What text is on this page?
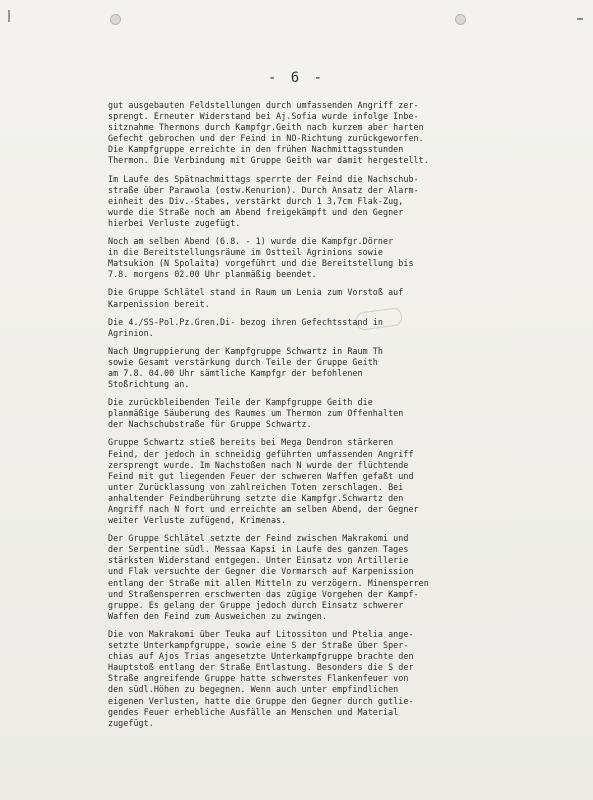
- 6 -

gut ausgebauten Feldstellungen durch umfassenden Angriff zer-
sprengt. Erneuter Widerstand bei Aj.Sofia wurde infolge Inbe-
sitznahme Thermons durch Kampfgr.Geith nach kurzem aber harten
Gefecht gebrochen und der Feind in NO-Richtung zurückgeworfen.
Die Kampfgruppe erreichte in den frühen Nachmittagsstunden
Thermon. Die Verbindung mit Gruppe Geith war damit hergestellt.

Im Laufe des Spätnachmittags sperrte der Feind die Nachschub-
straße über Parawola (ostw.Kenurion). Durch Ansatz der Alarm-
einheit des Div.-Stabes, verstärkt durch 1 3,7cm Flak-Zug,
wurde die Straße noch am Abend freigekämpft und den Gegner
hierbei Verluste zugefügt.

Noch am selben Abend (6.8. - 1) wurde die Kampfgr.Dörner
in die Bereitstellungsräume im Ostteil Agrinions sowie
Matsukion (N Spolaita) vorgeführt und die Bereitstellung bis
7.8. morgens 02.00 Uhr planmäßig beendet.

Die Gruppe Schlätel stand in Raum um Lenia zum Vorstoß auf
Karpenission bereit.

Die 4./SS-Pol.Pz.Gren.Di- bezog ihren Gefechtsstand in
Agrinion.

Nach Umgruppierung der Kampfgruppe Schwartz in Raum Th
sowie Gesamt verstärkung durch Teile der Gruppe Geith
am 7.8. 04.00 Uhr sämtliche Kampfgr der befohlenen
Stoßrichtung an.

Die zurückbleibenden Teile der Kampfgruppe Geith die
planmäßige Säuberung des Raumes um Thermon zum Offenhalten
der Nachschubstraße für Gruppe Schwartz.

Gruppe Schwartz stieß bereits bei Mega Dendron stärkeren
Feind, der jedoch in schneidig geführten umfassenden Angriff
zersprengt wurde. Im Nachstoßen nach N wurde der flüchtende
Feind mit gut liegenden Feuer der schweren Waffen gefaßt und
unter Zurücklassung von zahlreichen Toten zerschlagen. Bei
anhaltender Feindberührung setzte die Kampfgr.Schwartz den
Angriff nach N fort und erreichte am selben Abend, der Gegner
weiter Verluste zufügend, Krimenas.

Der Gruppe Schlätel setzte der Feind zwischen Makrakomi und
der Serpentine südl. Messaa Kapsi in Laufe des ganzen Tages
stärksten Widerstand entgegen. Unter Einsatz von Artillerie
und Flak versuchte der Gegner die Vormarsch auf Karpenission
entlang der Straße mit allen Mitteln zu verzögern. Minensperren
und Straßensperren erschwerten das zügige Vorgehen der Kampf-
gruppe. Es gelang der Gruppe jedoch durch Einsatz schwerer
Waffen den Feind zum Ausweichen zu zwingen.

Die von Makrakomi über Teuka auf Litossiton und Ptelia ange-
setzte Unterkampfgruppe, sowie eine S der Straße über Sper-
chias auf Ajos Trias angesetzte Unterkampfgruppe brachte den
Hauptstoß entlang der Straße Entlastung. Besonders die S der
Straße angreifende Gruppe hatte schwerstes Flankenfeuer von
den südl.Höhen zu begegnen. Wenn auch unter empfindlichen
eigenen Verlusten, hatte die Gruppe den Gegner durch gutlie-
gendes Feuer erhebliche Ausfälle an Menschen und Material
zugefügt.
